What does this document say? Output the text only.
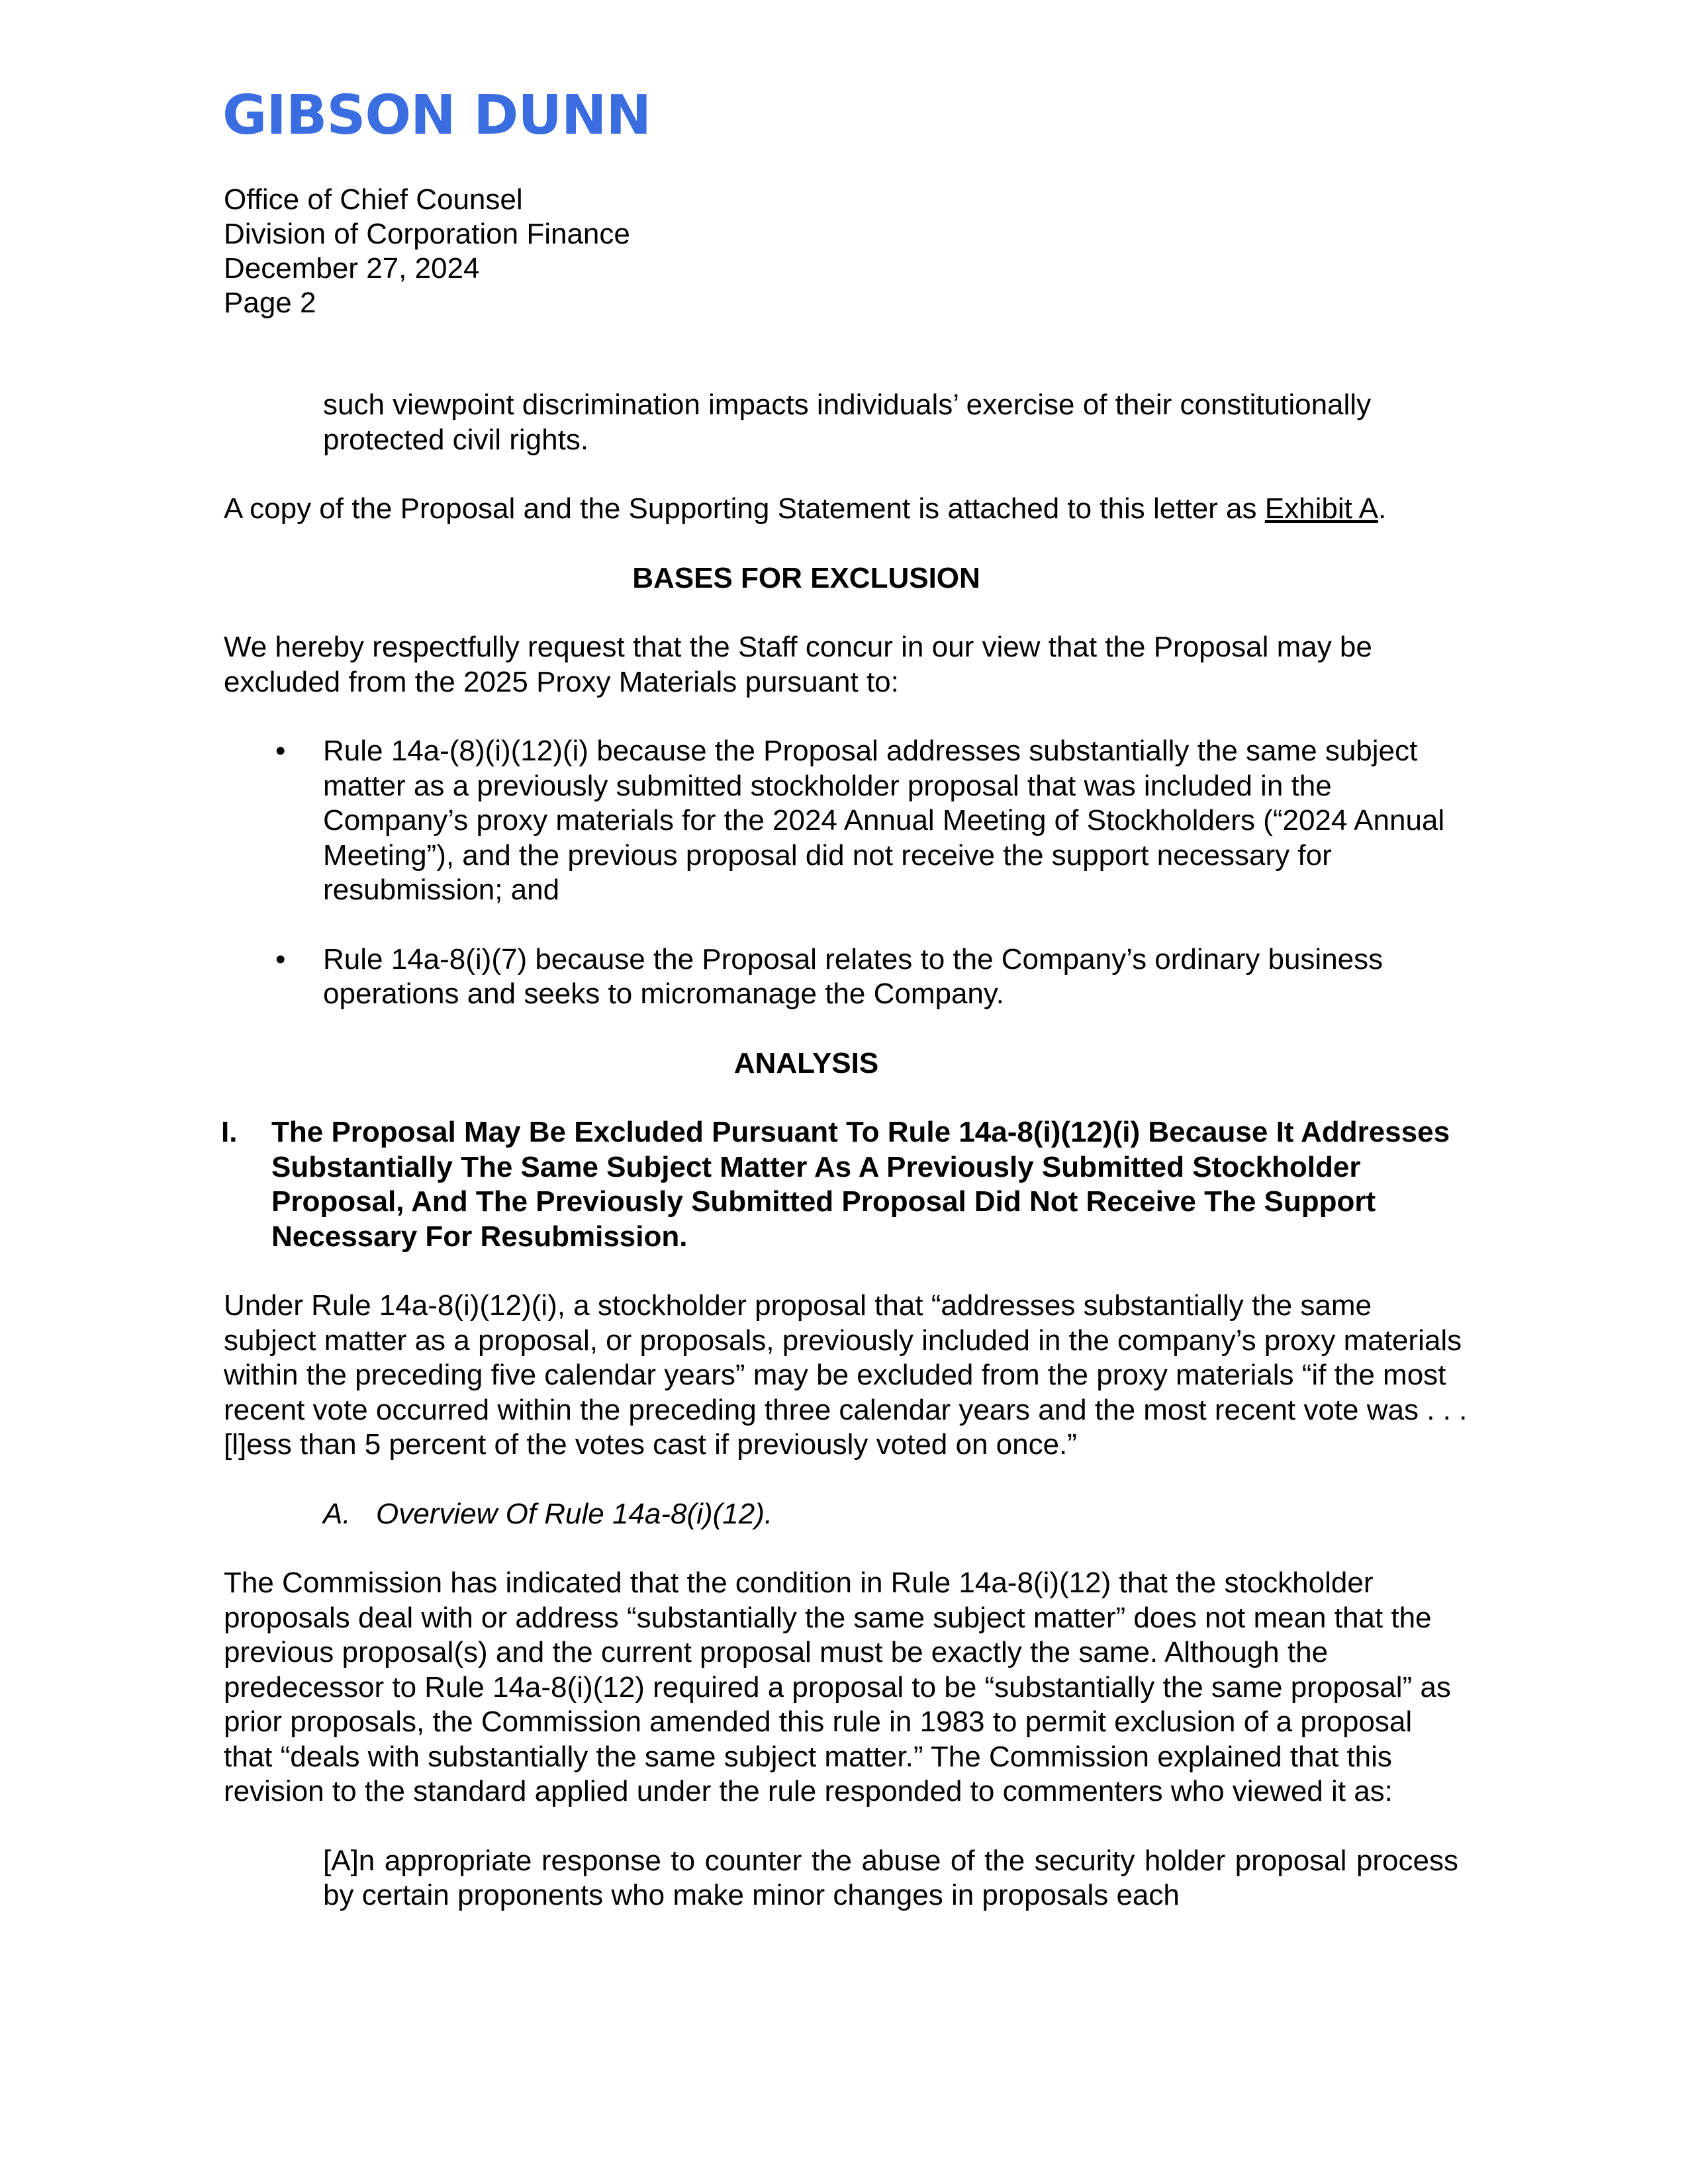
GIBSON DUNN
Office of Chief Counsel
Division of Corporation Finance
December 27, 2024
Page 2

such viewpoint discrimination impacts individuals’ exercise of their constitutionally protected civil rights.

A copy of the Proposal and the Supporting Statement is attached to this letter as Exhibit A.

BASES FOR EXCLUSION

We hereby respectfully request that the Staff concur in our view that the Proposal may be excluded from the 2025 Proxy Materials pursuant to:

• Rule 14a-(8)(i)(12)(i) because the Proposal addresses substantially the same subject matter as a previously submitted stockholder proposal that was included in the Company’s proxy materials for the 2024 Annual Meeting of Stockholders (“2024 Annual Meeting”), and the previous proposal did not receive the support necessary for resubmission; and
• Rule 14a-8(i)(7) because the Proposal relates to the Company’s ordinary business operations and seeks to micromanage the Company.

ANALYSIS

I. The Proposal May Be Excluded Pursuant To Rule 14a-8(i)(12)(i) Because It Addresses Substantially The Same Subject Matter As A Previously Submitted Stockholder Proposal, And The Previously Submitted Proposal Did Not Receive The Support Necessary For Resubmission.

Under Rule 14a-8(i)(12)(i), a stockholder proposal that “addresses substantially the same subject matter as a proposal, or proposals, previously included in the company’s proxy materials within the preceding five calendar years” may be excluded from the proxy materials “if the most recent vote occurred within the preceding three calendar years and the most recent vote was . . . [l]ess than 5 percent of the votes cast if previously voted on once.”

A. Overview Of Rule 14a-8(i)(12).

The Commission has indicated that the condition in Rule 14a-8(i)(12) that the stockholder proposals deal with or address “substantially the same subject matter” does not mean that the previous proposal(s) and the current proposal must be exactly the same. Although the predecessor to Rule 14a-8(i)(12) required a proposal to be “substantially the same proposal” as prior proposals, the Commission amended this rule in 1983 to permit exclusion of a proposal that “deals with substantially the same subject matter.” The Commission explained that this revision to the standard applied under the rule responded to commenters who viewed it as:

[A]n appropriate response to counter the abuse of the security holder proposal process by certain proponents who make minor changes in proposals each
